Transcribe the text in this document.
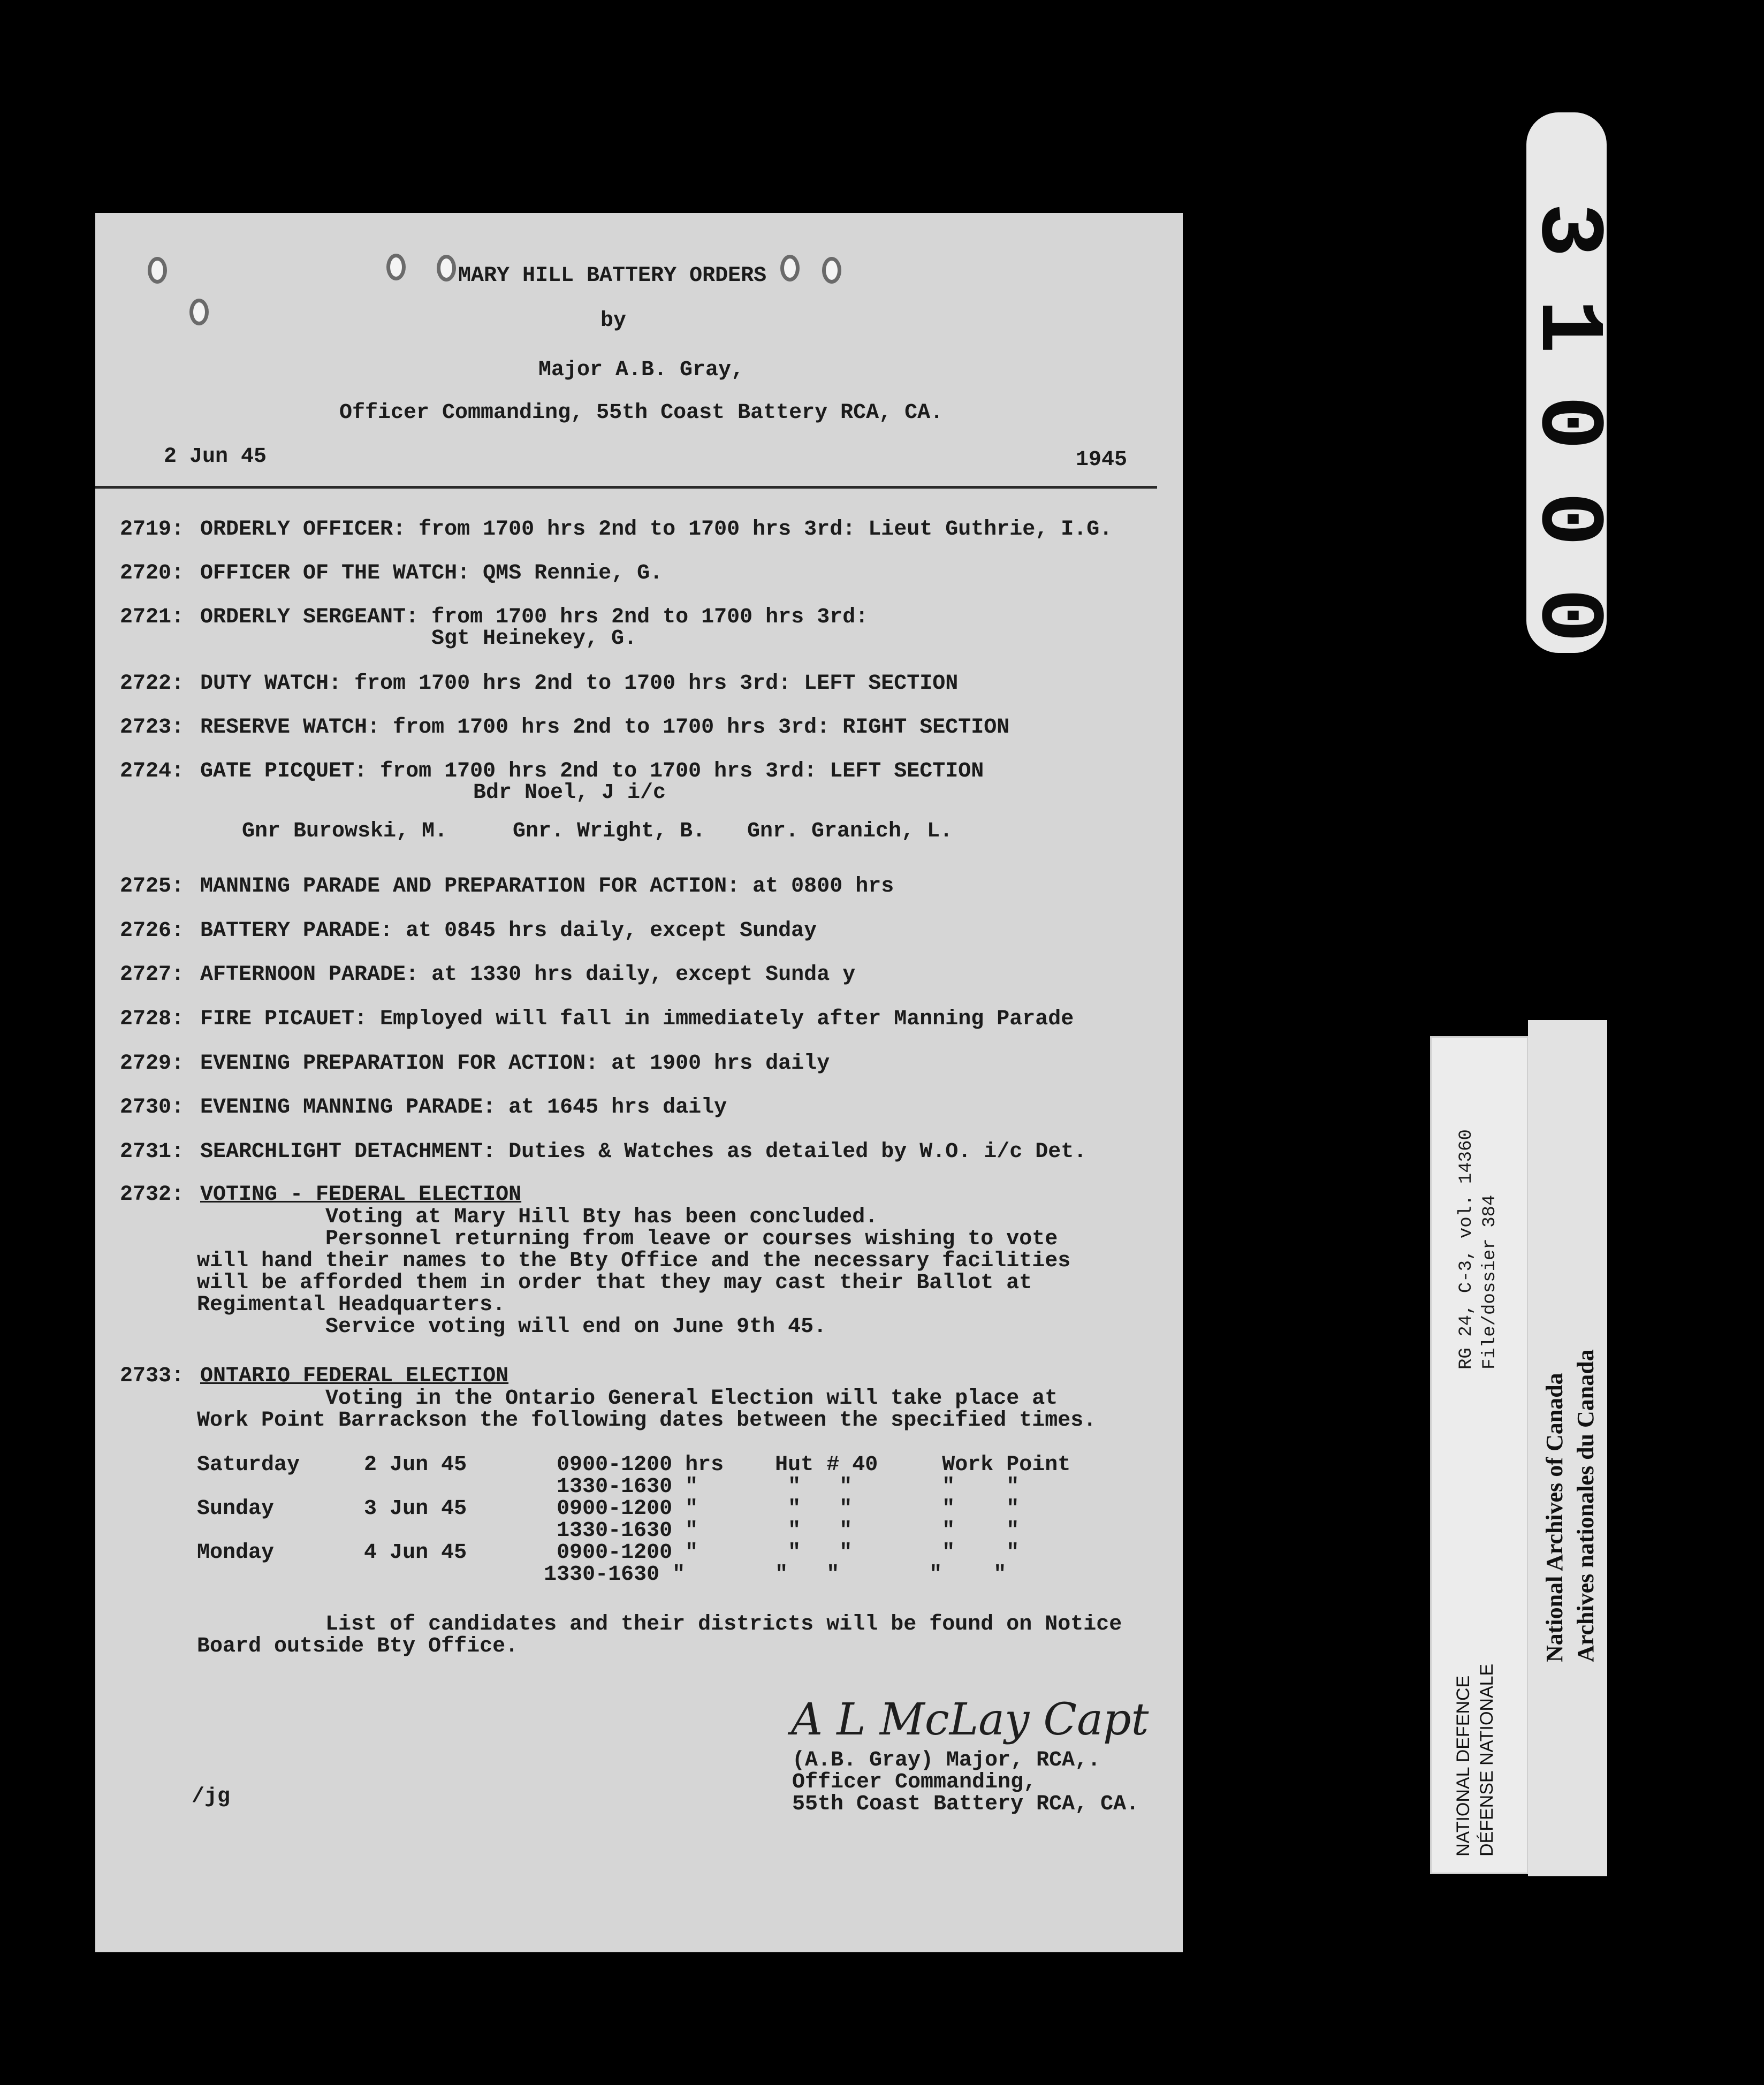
MARY HILL BATTERY ORDERS
by
Major A.B. Gray,
Officer Commanding, 55th Coast Battery RCA, CA.
2 Jun 45	1945
2719: ORDERLY OFFICER: from 1700 hrs 2nd to 1700 hrs 3rd: Lieut Guthrie, I.G.
2720: OFFICER OF THE WATCH: QMS Rennie, G.
2721: ORDERLY SERGEANT: from 1700 hrs 2nd to 1700 hrs 3rd:
Sgt Heinekey, G.
2722: DUTY WATCH: from 1700 hrs 2nd to 1700 hrs 3rd: LEFT SECTION
2723: RESERVE WATCH: from 1700 hrs 2nd to 1700 hrs 3rd: RIGHT SECTION
2724: GATE PICQUET: from 1700 hrs 2nd to 1700 hrs 3rd: LEFT SECTION
Bdr Noel, J i/c
Gnr Burowski, M.	Gnr. Wright, B. Gnr. Granich, L.
2725: MANNING PARADE AND PREPARATION FOR ACTION: at 0800 hrs
2726: BATTERY PARADE: at 0845 hrs daily, except Sunday
2727: AFTERNOON PARADE: at 1330 hrs daily, except Sunda y
2728: FIRE PICAUET: Employed will fall in immediately after Manning Parade
2729: EVENING PREPARATION FOR ACTION: at 1900 hrs daily
2730: EVENING MANNING PARADE: at 1645 hrs daily
2731: SEARCHLIGHT DETACHMENT: Duties & Watches as detailed by W.O. i/c Det.
2732: VOTING - FEDERAL ELECTION
Voting at Mary Hill Bty has been concluded.
Personnel returning from leave or courses wishing to vote
will hand their names to the Bty Office and the necessary facilities
will be afforded them in order that they may cast their Ballot at
Regimental Headquarters.
Service voting will end on June 9th 45.
2733: ONTARIO FEDERAL ELECTION
Voting in the Ontario General Election will take place at
Work Point Barrackson the following dates between the specified times.
Saturday     2 Jun 45       0900-1200 hrs    Hut # 40     Work Point
1330-1630 "       "   "       "    "
Sunday       3 Jun 45       0900-1200 "       "   "       "    "
1330-1630 "       "   "       "    "
Monday       4 Jun 45       0900-1200 "       "   "       "    "
1330-1630 "       "   "       "    "
List of candidates and their districts will be found on Notice
Board outside Bty Office.
A L McLay Capt
(A.B. Gray) Major, RCA,.
Officer Commanding,
55th Coast Battery RCA, CA.
/jg
0
0
0
1
3
RG 24, C-3, vol. 14360 File/dossier 384
NATIONAL DEFENCE DÉFENSE NATIONALE
National Archives of Canada Archives nationales du Canada
